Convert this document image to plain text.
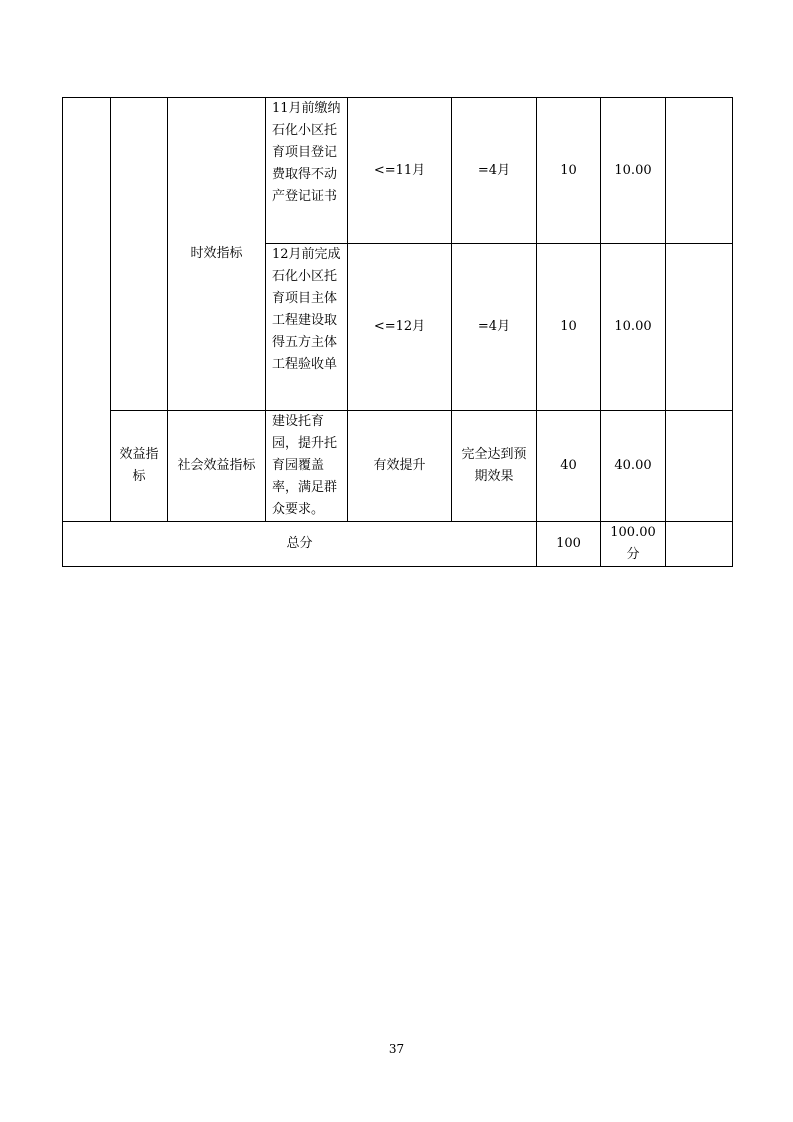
		时效指标	11月前缴纳石化小区托育项目登记费取得不动产登记证书	<=11月	=4月	10	10.00	
			12月前完成石化小区托育项目主体工程建设取得五方主体工程验收单	<=12月	=4月	10	10.00	
	效益指标	社会效益指标	建设托育园，提升托育园覆盖率，满足群众要求。	有效提升	完全达到预期效果	40	40.00	
总分						100	100.00分	
37
